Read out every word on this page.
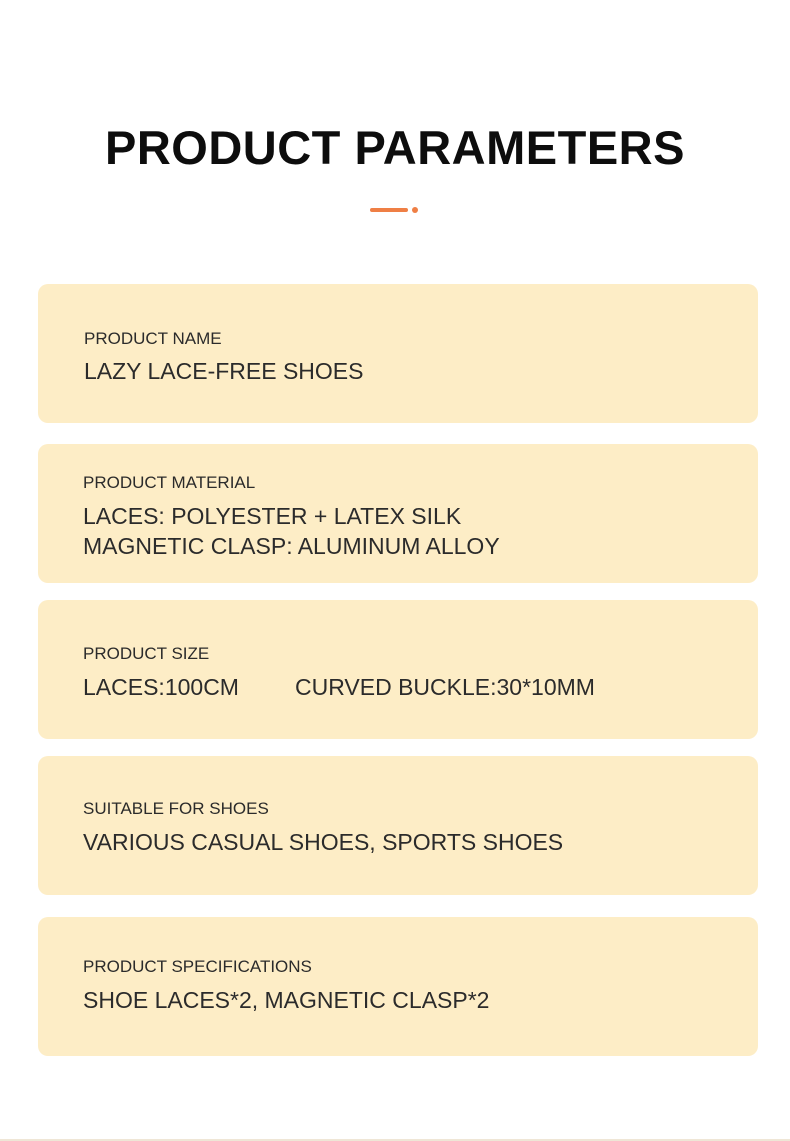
PRODUCT PARAMETERS
PRODUCT NAME
LAZY LACE-FREE SHOES
PRODUCT MATERIAL
LACES: POLYESTER + LATEX SILK
MAGNETIC CLASP: ALUMINUM ALLOY
PRODUCT SIZE
LACES:100CM CURVED BUCKLE:30*10MM
SUITABLE FOR SHOES
VARIOUS CASUAL SHOES, SPORTS SHOES
PRODUCT SPECIFICATIONS
SHOE LACES*2, MAGNETIC CLASP*2
